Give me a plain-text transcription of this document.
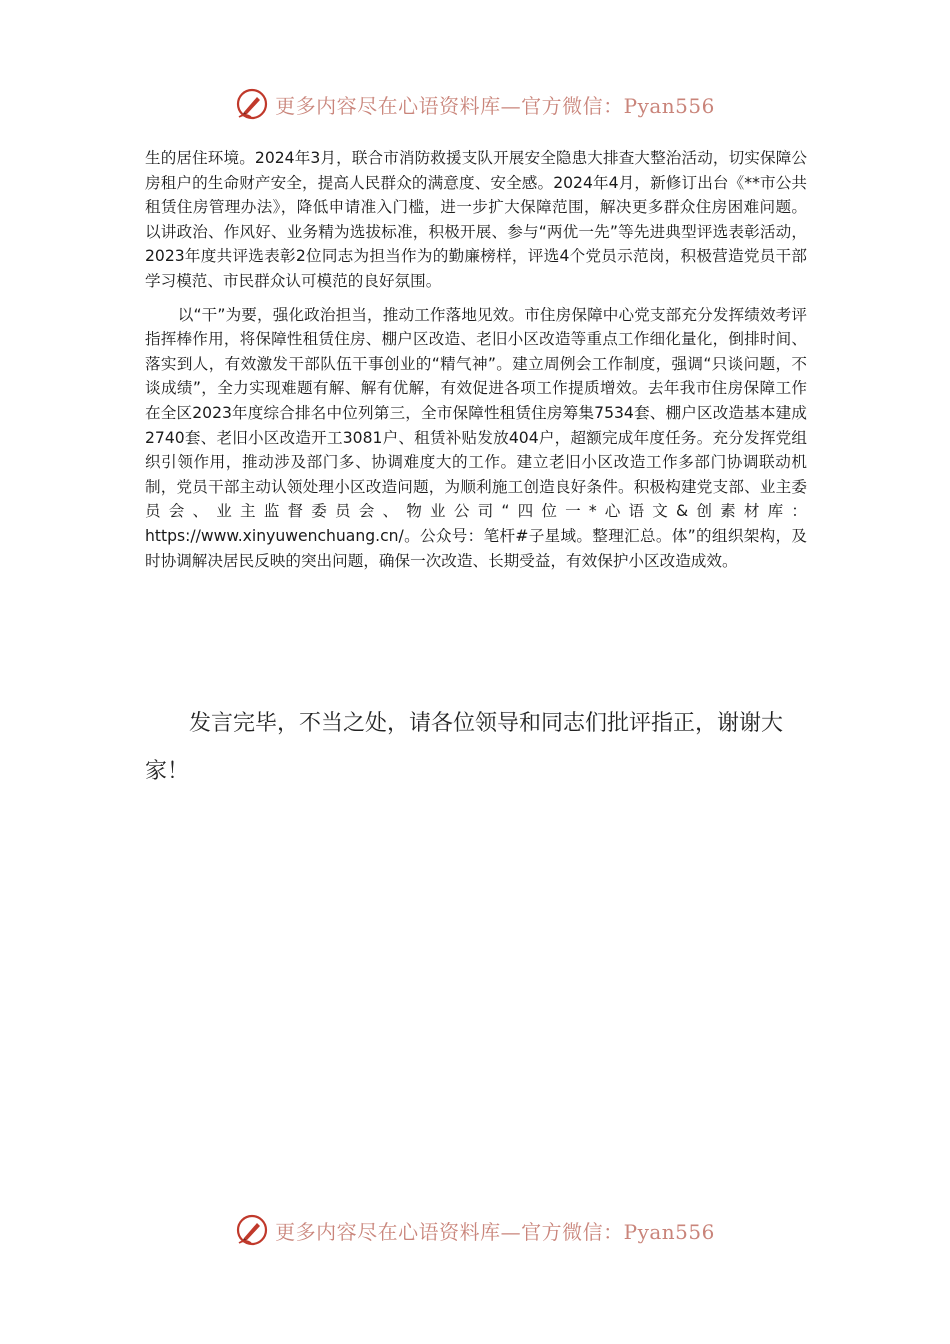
更多内容尽在心语资料库—官方微信：Pyan556

生的居住环境。2024年3月，联合市消防救援支队开展安全隐患大排查大整治活动，切实保障公房租户的生命财产安全，提高人民群众的满意度、安全感。2024年4月，新修订出台《**市公共租赁住房管理办法》，降低申请准入门槛，进一步扩大保障范围，解决更多群众住房困难问题。以讲政治、作风好、业务精为选拔标准，积极开展、参与“两优一先”等先进典型评选表彰活动，2023年度共评选表彰2位同志为担当作为的勤廉榜样，评选4个党员示范岗，积极营造党员干部学习模范、市民群众认可模范的良好氛围。

以“干”为要，强化政治担当，推动工作落地见效。市住房保障中心党支部充分发挥绩效考评指挥棒作用，将保障性租赁住房、棚户区改造、老旧小区改造等重点工作细化量化，倒排时间、落实到人，有效激发干部队伍干事创业的“精气神”。建立周例会工作制度，强调“只谈问题，不谈成绩”，全力实现难题有解、解有优解，有效促进各项工作提质增效。去年我市住房保障工作在全区2023年度综合排名中位列第三，全市保障性租赁住房筹集7534套、棚户区改造基本建成2740套、老旧小区改造开工3081户、租赁补贴发放404户，超额完成年度任务。充分发挥党组织引领作用，推动涉及部门多、协调难度大的工作。建立老旧小区改造工作多部门协调联动机制，党员干部主动认领处理小区改造问题，为顺利施工创造良好条件。积极构建党支部、业主委员会、业主监督委员会、物业公司“四位一*心语文&创素材库：https://www.xinyuwenchuang.cn/。公众号：笔杆#子星域。整理汇总。体”的组织架构，及时协调解决居民反映的突出问题，确保一次改造、长期受益，有效保护小区改造成效。

发言完毕，不当之处，请各位领导和同志们批评指正，谢谢大家！

更多内容尽在心语资料库—官方微信：Pyan556
